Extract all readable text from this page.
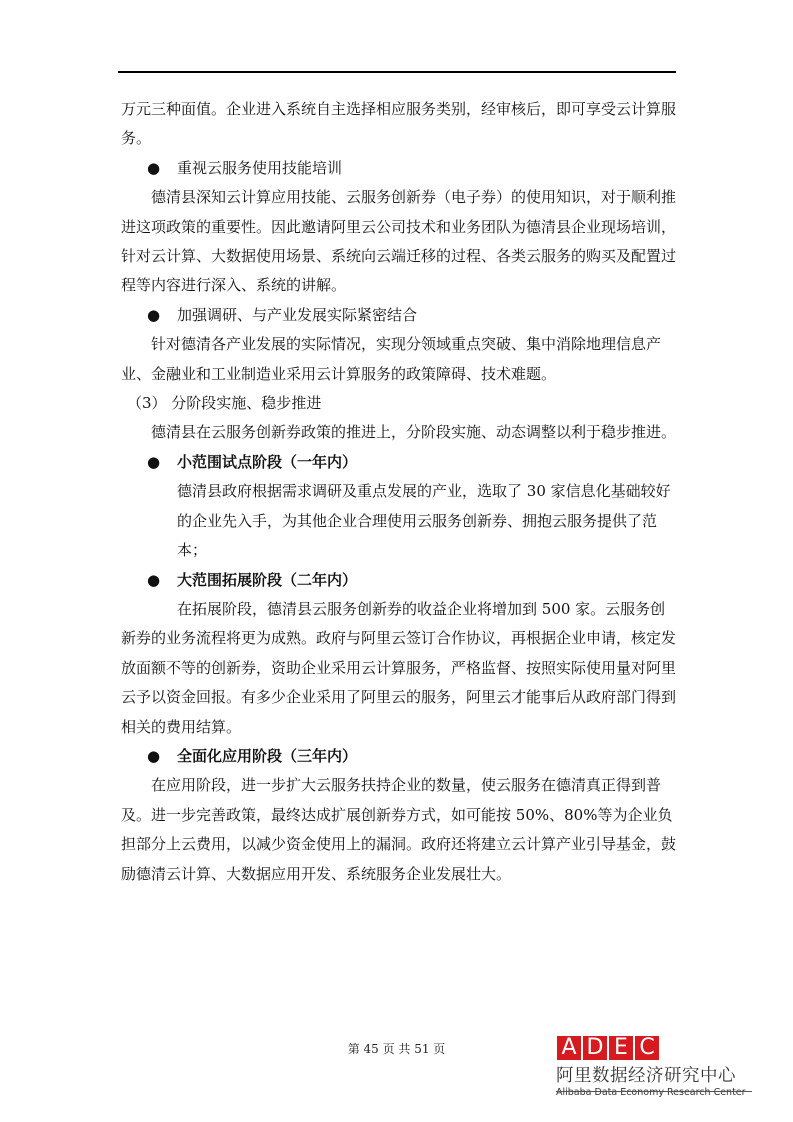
万元三种面值。企业进入系统自主选择相应服务类别，经审核后，即可享受云计算服务。

● 重视云服务使用技能培训

德清县深知云计算应用技能、云服务创新券（电子券）的使用知识，对于顺利推进这项政策的重要性。因此邀请阿里云公司技术和业务团队为德清县企业现场培训，针对云计算、大数据使用场景、系统向云端迁移的过程、各类云服务的购买及配置过程等内容进行深入、系统的讲解。

● 加强调研、与产业发展实际紧密结合

针对德清各产业发展的实际情况，实现分领域重点突破、集中消除地理信息产业、金融业和工业制造业采用云计算服务的政策障碍、技术难题。

（3） 分阶段实施、稳步推进

德清县在云服务创新券政策的推进上，分阶段实施、动态调整以利于稳步推进。

● 小范围试点阶段（一年内）

德清县政府根据需求调研及重点发展的产业，选取了 30 家信息化基础较好的企业先入手，为其他企业合理使用云服务创新券、拥抱云服务提供了范本；

● 大范围拓展阶段（二年内）

在拓展阶段，德清县云服务创新券的收益企业将增加到 500 家。云服务创新券的业务流程将更为成熟。政府与阿里云签订合作协议，再根据企业申请，核定发放面额不等的创新券，资助企业采用云计算服务，严格监督、按照实际使用量对阿里云予以资金回报。有多少企业采用了阿里云的服务，阿里云才能事后从政府部门得到相关的费用结算。

● 全面化应用阶段（三年内）

在应用阶段，进一步扩大云服务扶持企业的数量，使云服务在德清真正得到普及。进一步完善政策，最终达成扩展创新券方式，如可能按 50%、80%等为企业负担部分上云费用，以减少资金使用上的漏洞。政府还将建立云计算产业引导基金，鼓励德清云计算、大数据应用开发、系统服务企业发展壮大。

第 45 页 共 51 页	A D E C
阿里数据经济研究中心
Alibaba Data Economy Research Center
